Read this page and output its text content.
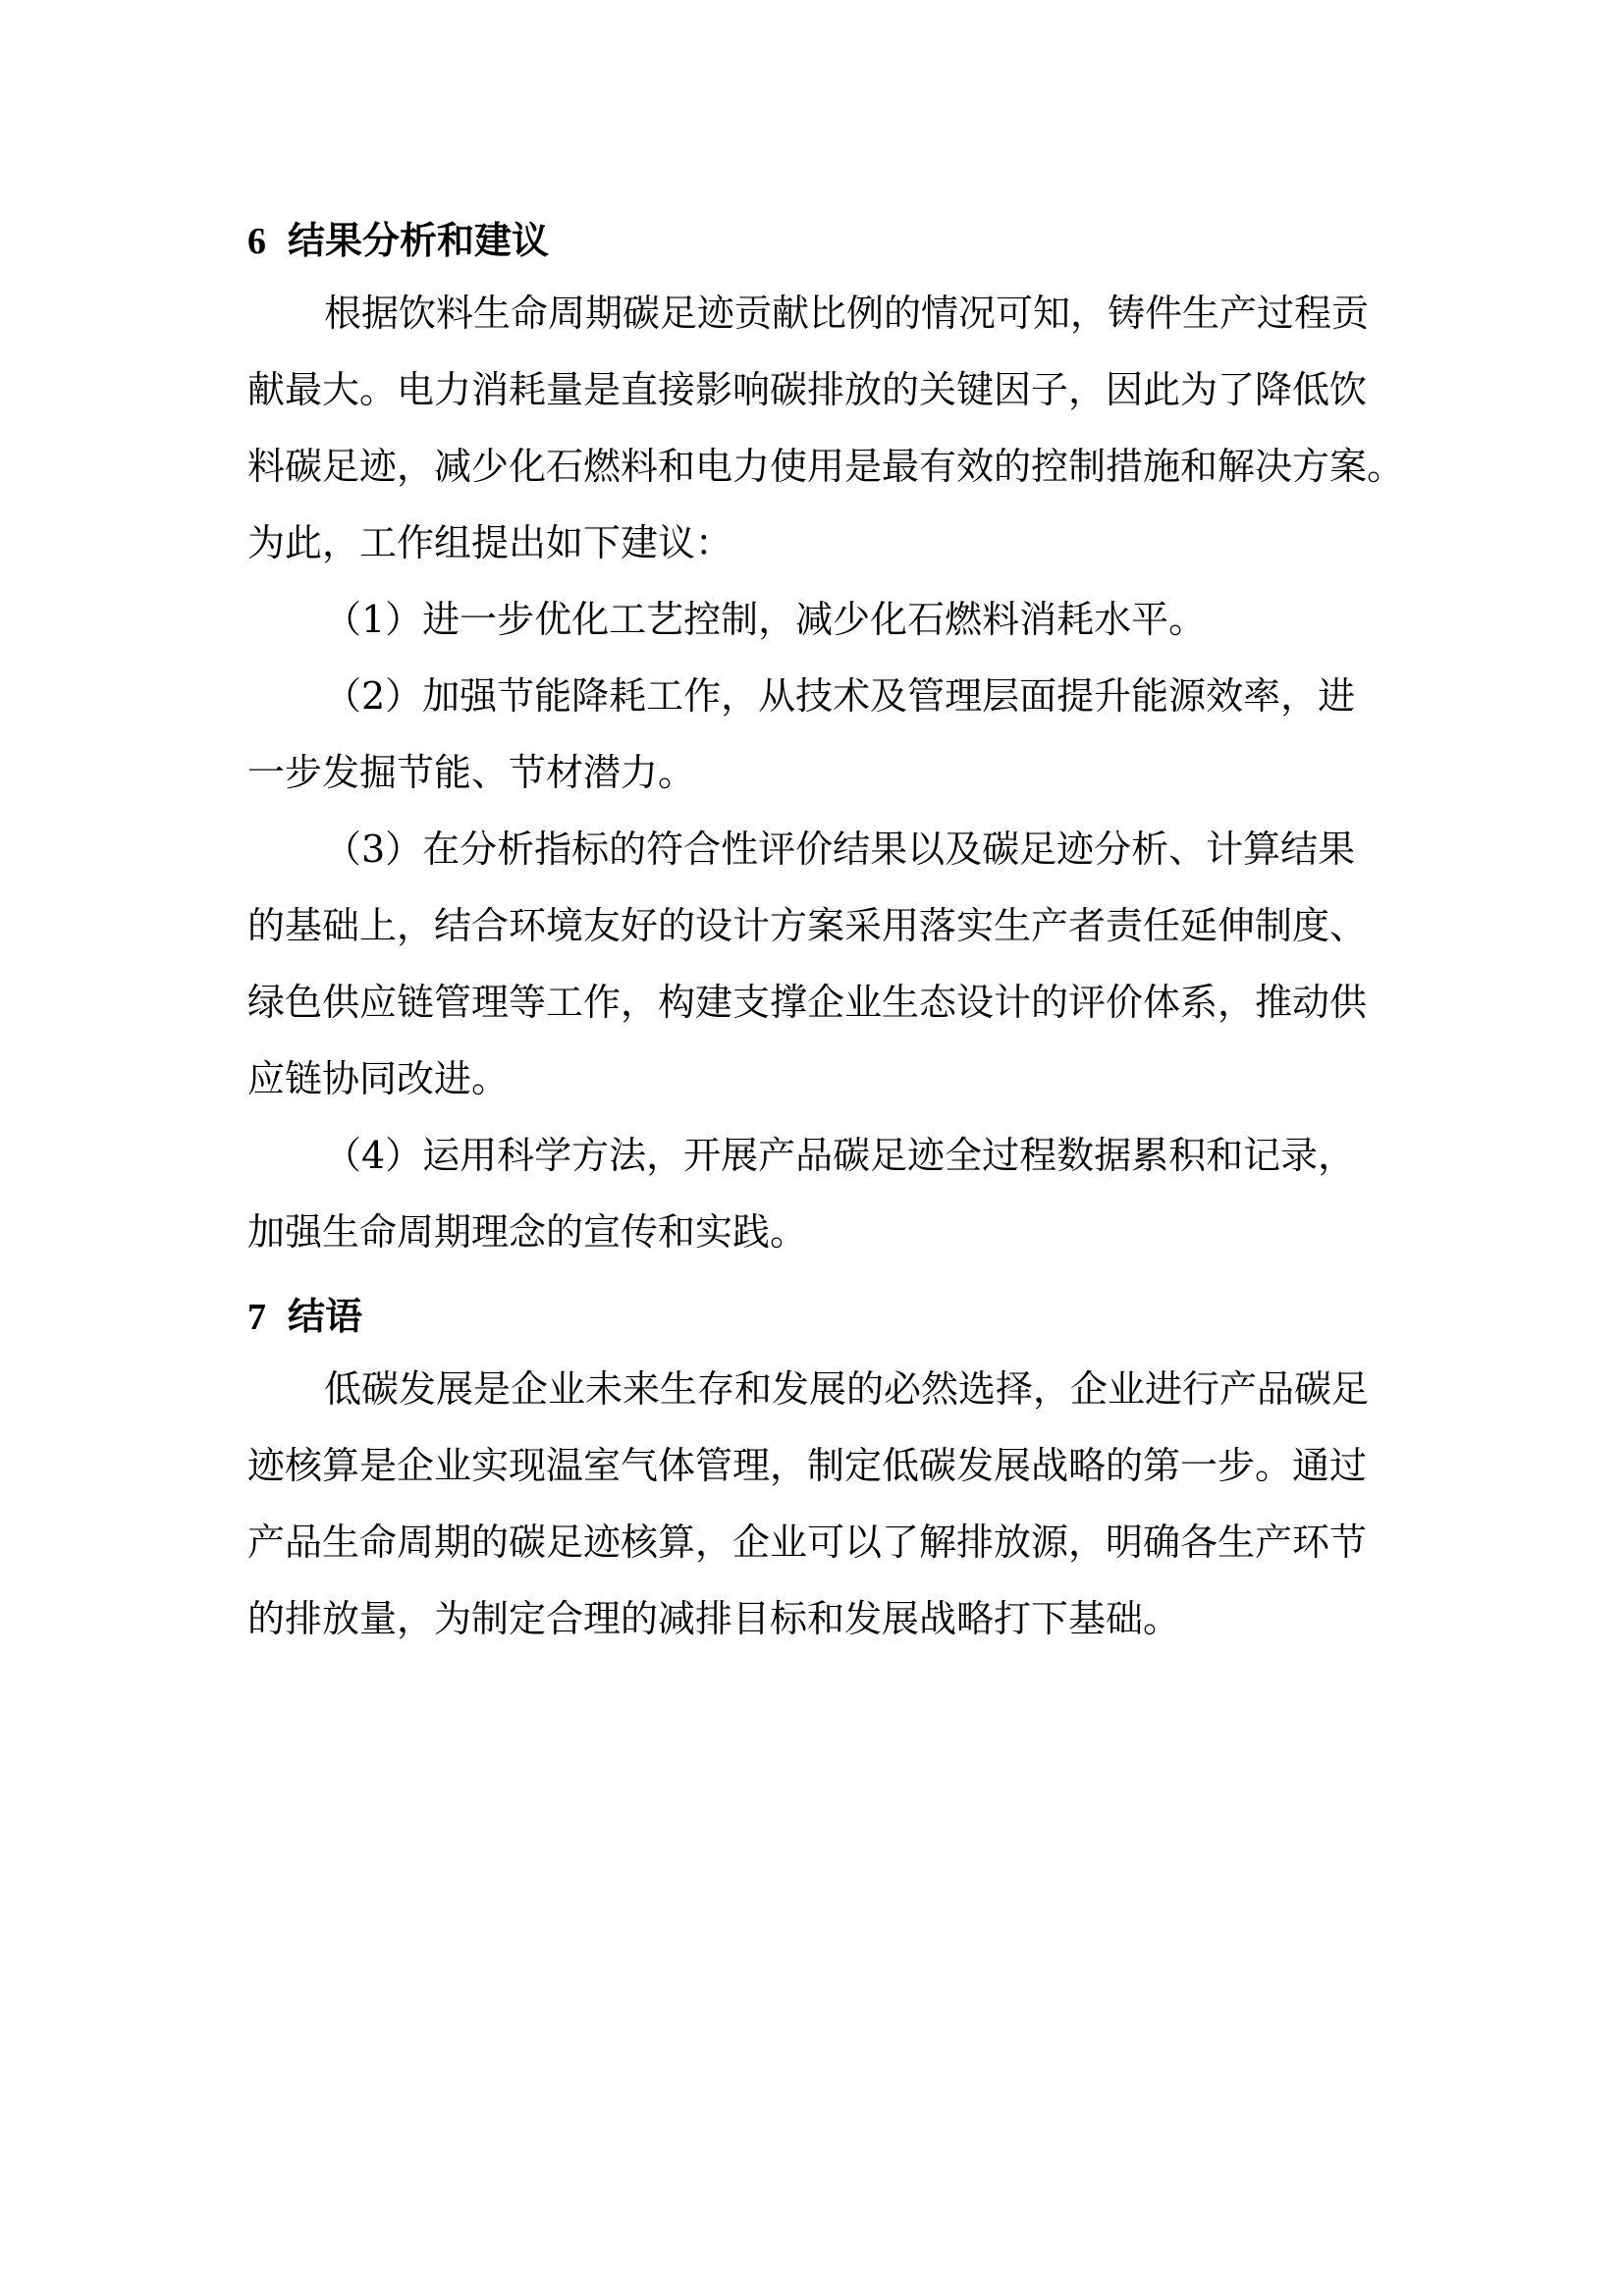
6 结果分析和建议
根据饮料生命周期碳足迹贡献比例的情况可知，铸件生产过程贡
献最大。电力消耗量是直接影响碳排放的关键因子，因此为了降低饮
料碳足迹，减少化石燃料和电力使用是最有效的控制措施和解决方案。
为此，工作组提出如下建议：
（1）进一步优化工艺控制，减少化石燃料消耗水平。
（2）加强节能降耗工作，从技术及管理层面提升能源效率，进
一步发掘节能、节材潜力。
（3）在分析指标的符合性评价结果以及碳足迹分析、计算结果
的基础上，结合环境友好的设计方案采用落实生产者责任延伸制度、
绿色供应链管理等工作，构建支撑企业生态设计的评价体系，推动供
应链协同改进。
（4）运用科学方法，开展产品碳足迹全过程数据累积和记录，
加强生命周期理念的宣传和实践。
7 结语
低碳发展是企业未来生存和发展的必然选择，企业进行产品碳足
迹核算是企业实现温室气体管理，制定低碳发展战略的第一步。通过
产品生命周期的碳足迹核算，企业可以了解排放源，明确各生产环节
的排放量，为制定合理的减排目标和发展战略打下基础。
